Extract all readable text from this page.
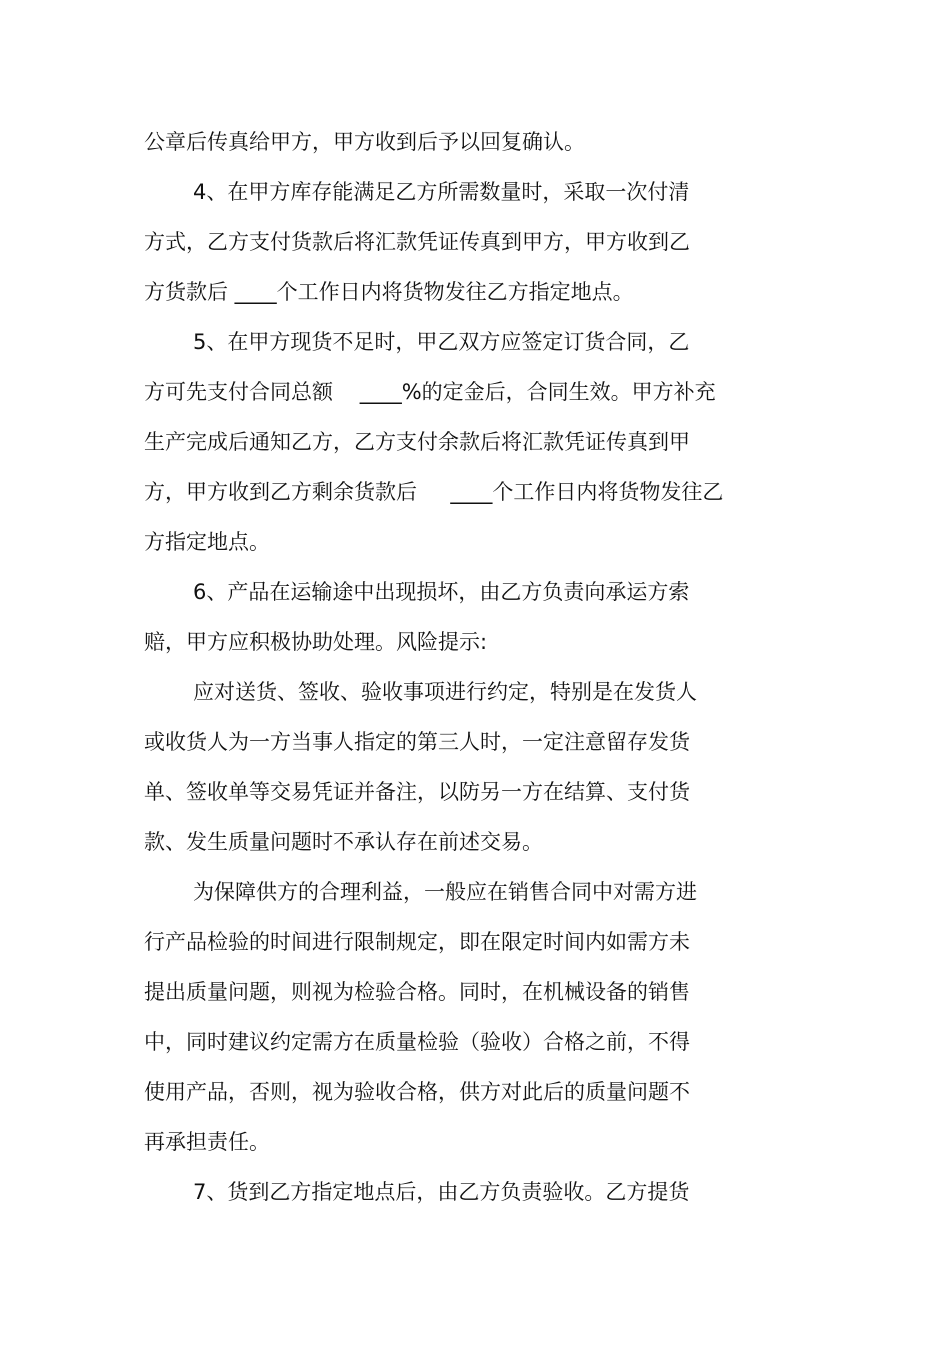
公章后传真给甲方，甲方收到后予以回复确认。
4、在甲方库存能满足乙方所需数量时，采取一次付清
方式，乙方支付货款后将汇款凭证传真到甲方，甲方收到乙
方货款后 ____个工作日内将货物发往乙方指定地点。
5、在甲方现货不足时，甲乙双方应签定订货合同，乙
方可先支付合同总额    ____%的定金后，合同生效。甲方补充
生产完成后通知乙方，乙方支付余款后将汇款凭证传真到甲
方，甲方收到乙方剩余货款后     ____个工作日内将货物发往乙
方指定地点。
6、产品在运输途中出现损坏，由乙方负责向承运方索
赔，甲方应积极协助处理。风险提示:
应对送货、签收、验收事项进行约定，特别是在发货人
或收货人为一方当事人指定的第三人时，一定注意留存发货
单、签收单等交易凭证并备注，以防另一方在结算、支付货
款、发生质量问题时不承认存在前述交易。
为保障供方的合理利益，一般应在销售合同中对需方进
行产品检验的时间进行限制规定，即在限定时间内如需方未
提出质量问题，则视为检验合格。同时，在机械设备的销售
中，同时建议约定需方在质量检验（验收）合格之前，不得
使用产品，否则，视为验收合格，供方对此后的质量问题不
再承担责任。
7、货到乙方指定地点后，由乙方负责验收。乙方提货
